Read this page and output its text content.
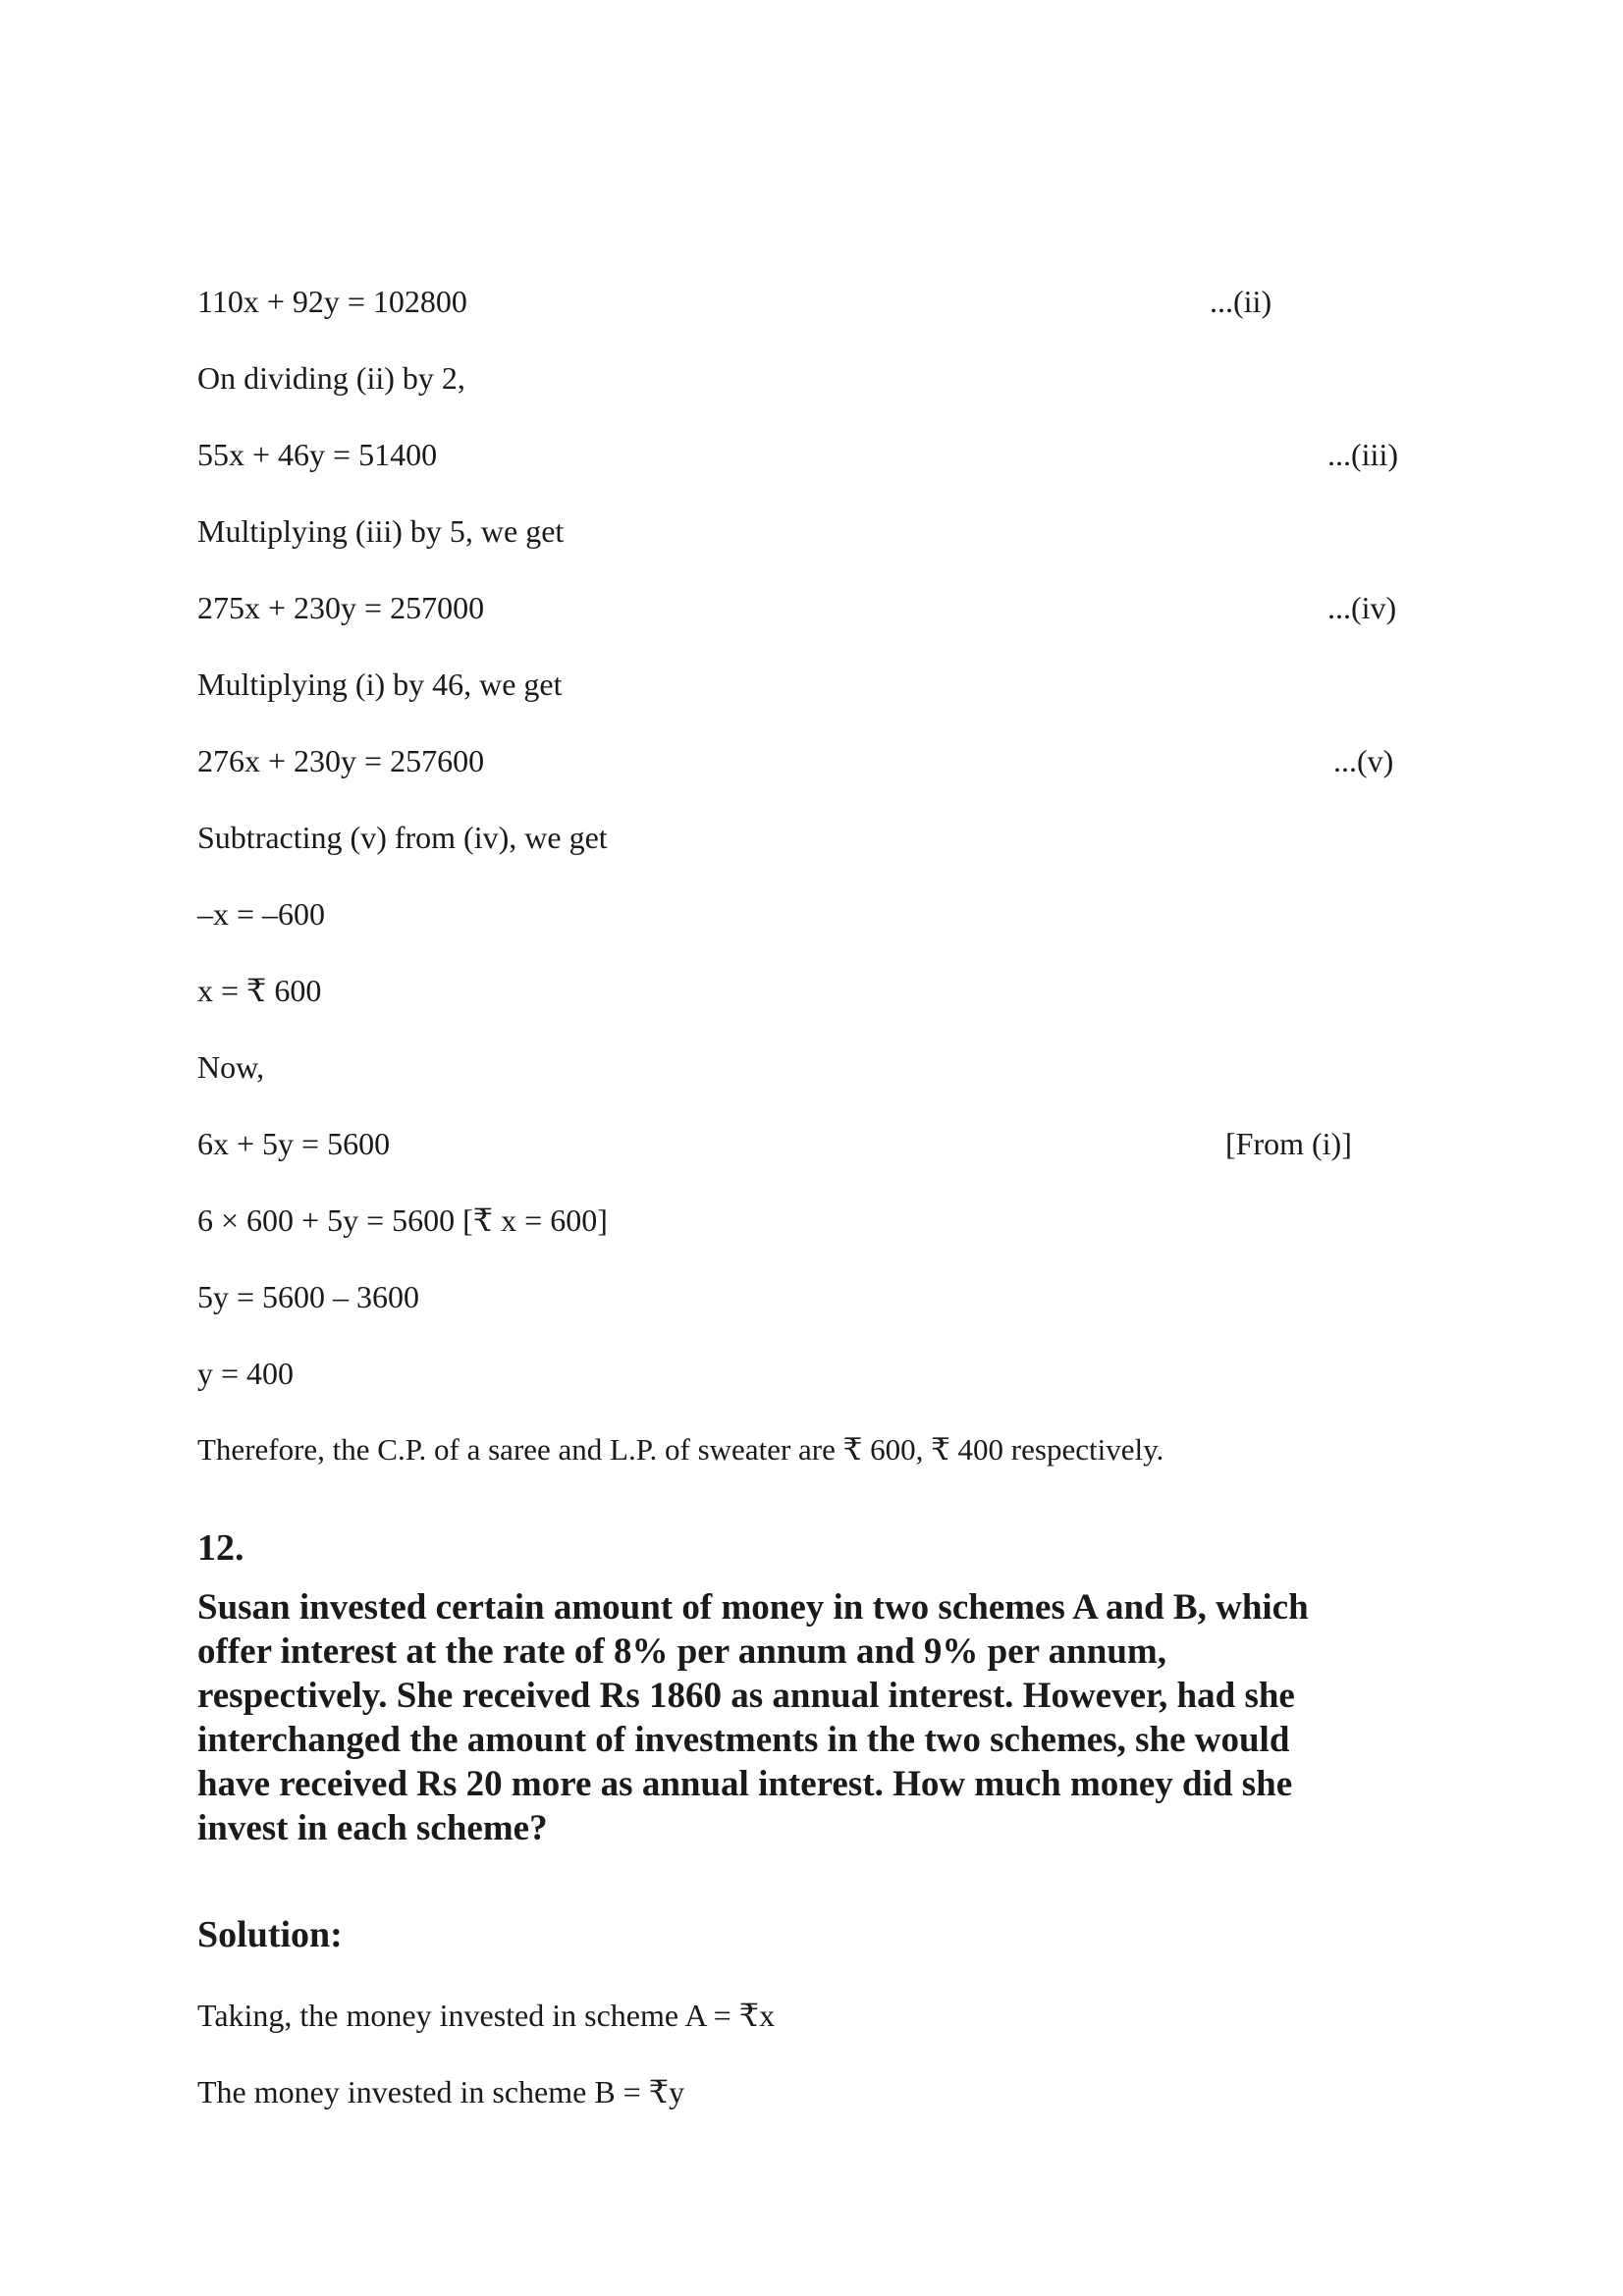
110x + 92y = 102800	...(ii)
On dividing (ii) by 2,
55x + 46y = 51400	...(iii)
Multiplying (iii) by 5, we get
275x + 230y = 257000	...(iv)
Multiplying (i) by 46, we get
276x + 230y = 257600	...(v)
Subtracting (v) from (iv), we get
–x = –600
x = ₹ 600
Now,
6x + 5y = 5600	[From (i)]
6 × 600 + 5y = 5600 [₹ x = 600]
5y = 5600 – 3600
y = 400
Therefore, the C.P. of a saree and L.P. of sweater are ₹ 600, ₹ 400 respectively.
12.

Susan invested certain amount of money in two schemes A and B, which

offer interest at the rate of 8% per annum and 9% per annum,

respectively. She received Rs 1860 as annual interest. However, had she

interchanged the amount of investments in the two schemes, she would

have received Rs 20 more as annual interest. How much money did she

invest in each scheme?

Solution:
Taking, the money invested in scheme A = ₹x
The money invested in scheme B = ₹y
